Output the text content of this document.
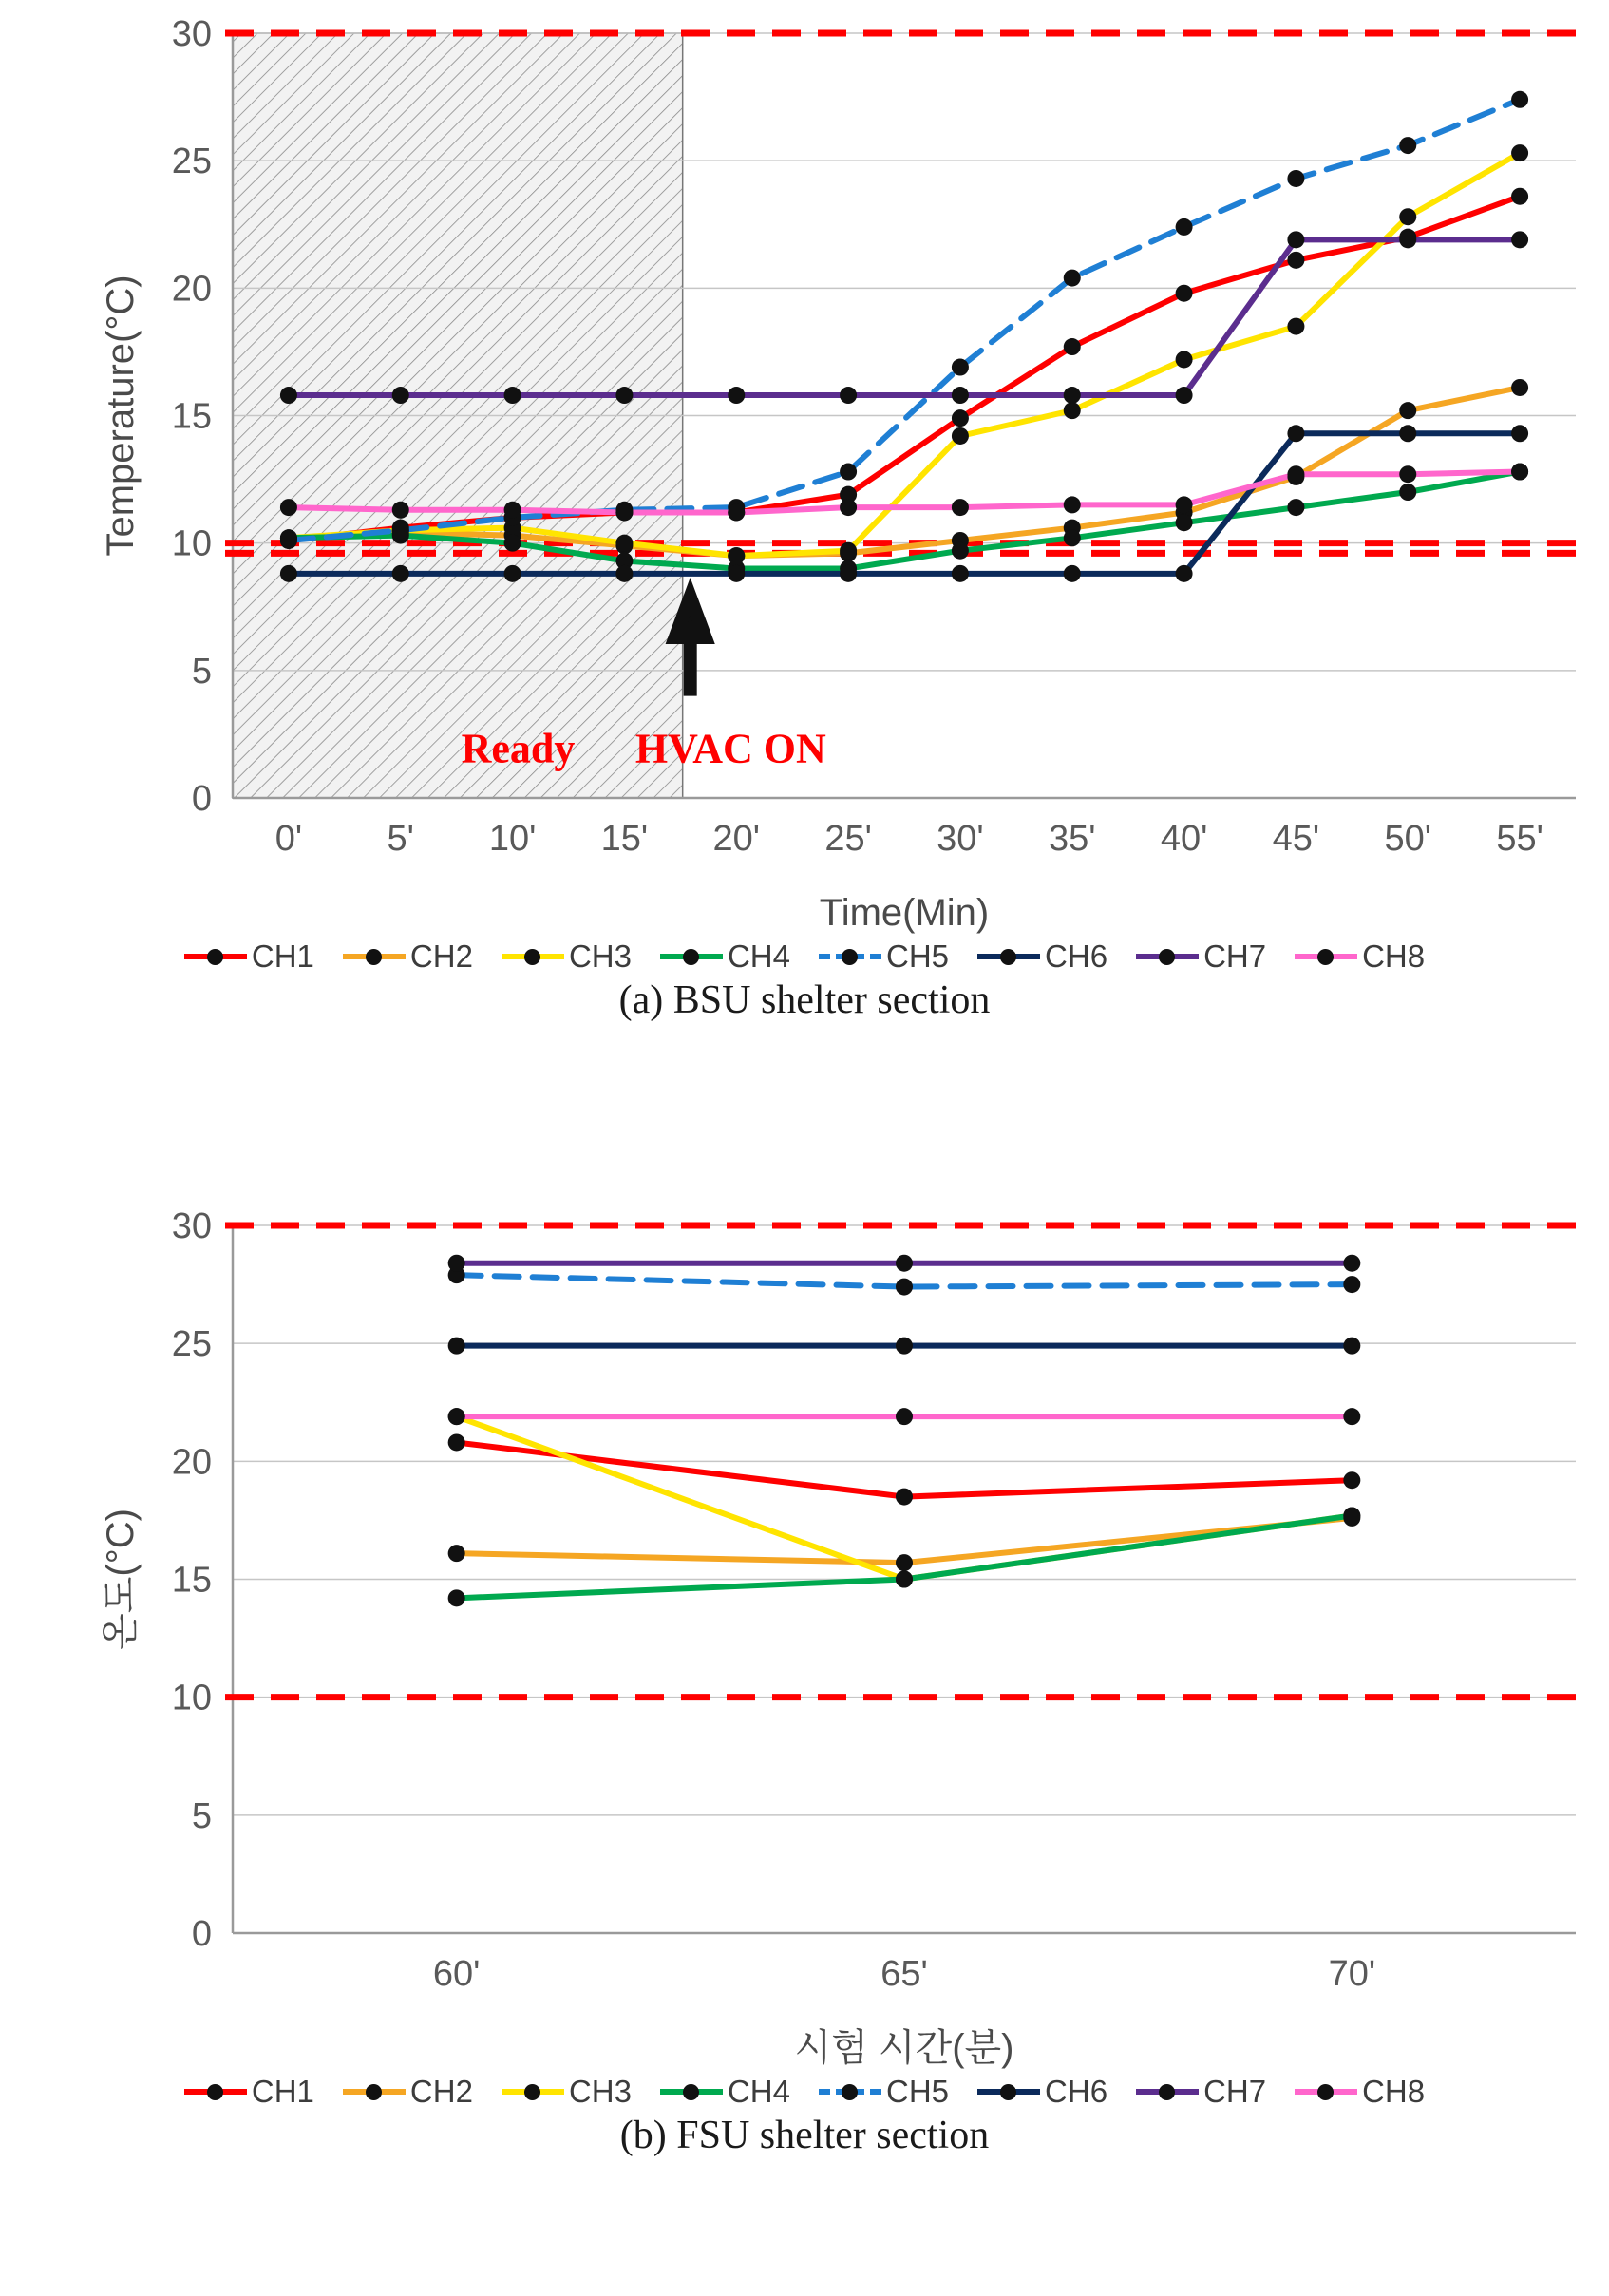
0
5
10
15
20
25
30
0' 5' 10' 15' 20' 25' 30' 35' 40' 45' 50' 55'
Time(Min)
Temperature(°C)
Ready HVAC ON
CH1	CH2	CH3	CH4	CH5	CH6	CH7	CH8
(a) BSU shelter section
0
5
10
15
20
25
30
60'	65'	70'
시험 시간(분)
온도(°C)
CH1	CH2	CH3	CH4	CH5	CH6	CH7	CH8
(b) FSU shelter section
